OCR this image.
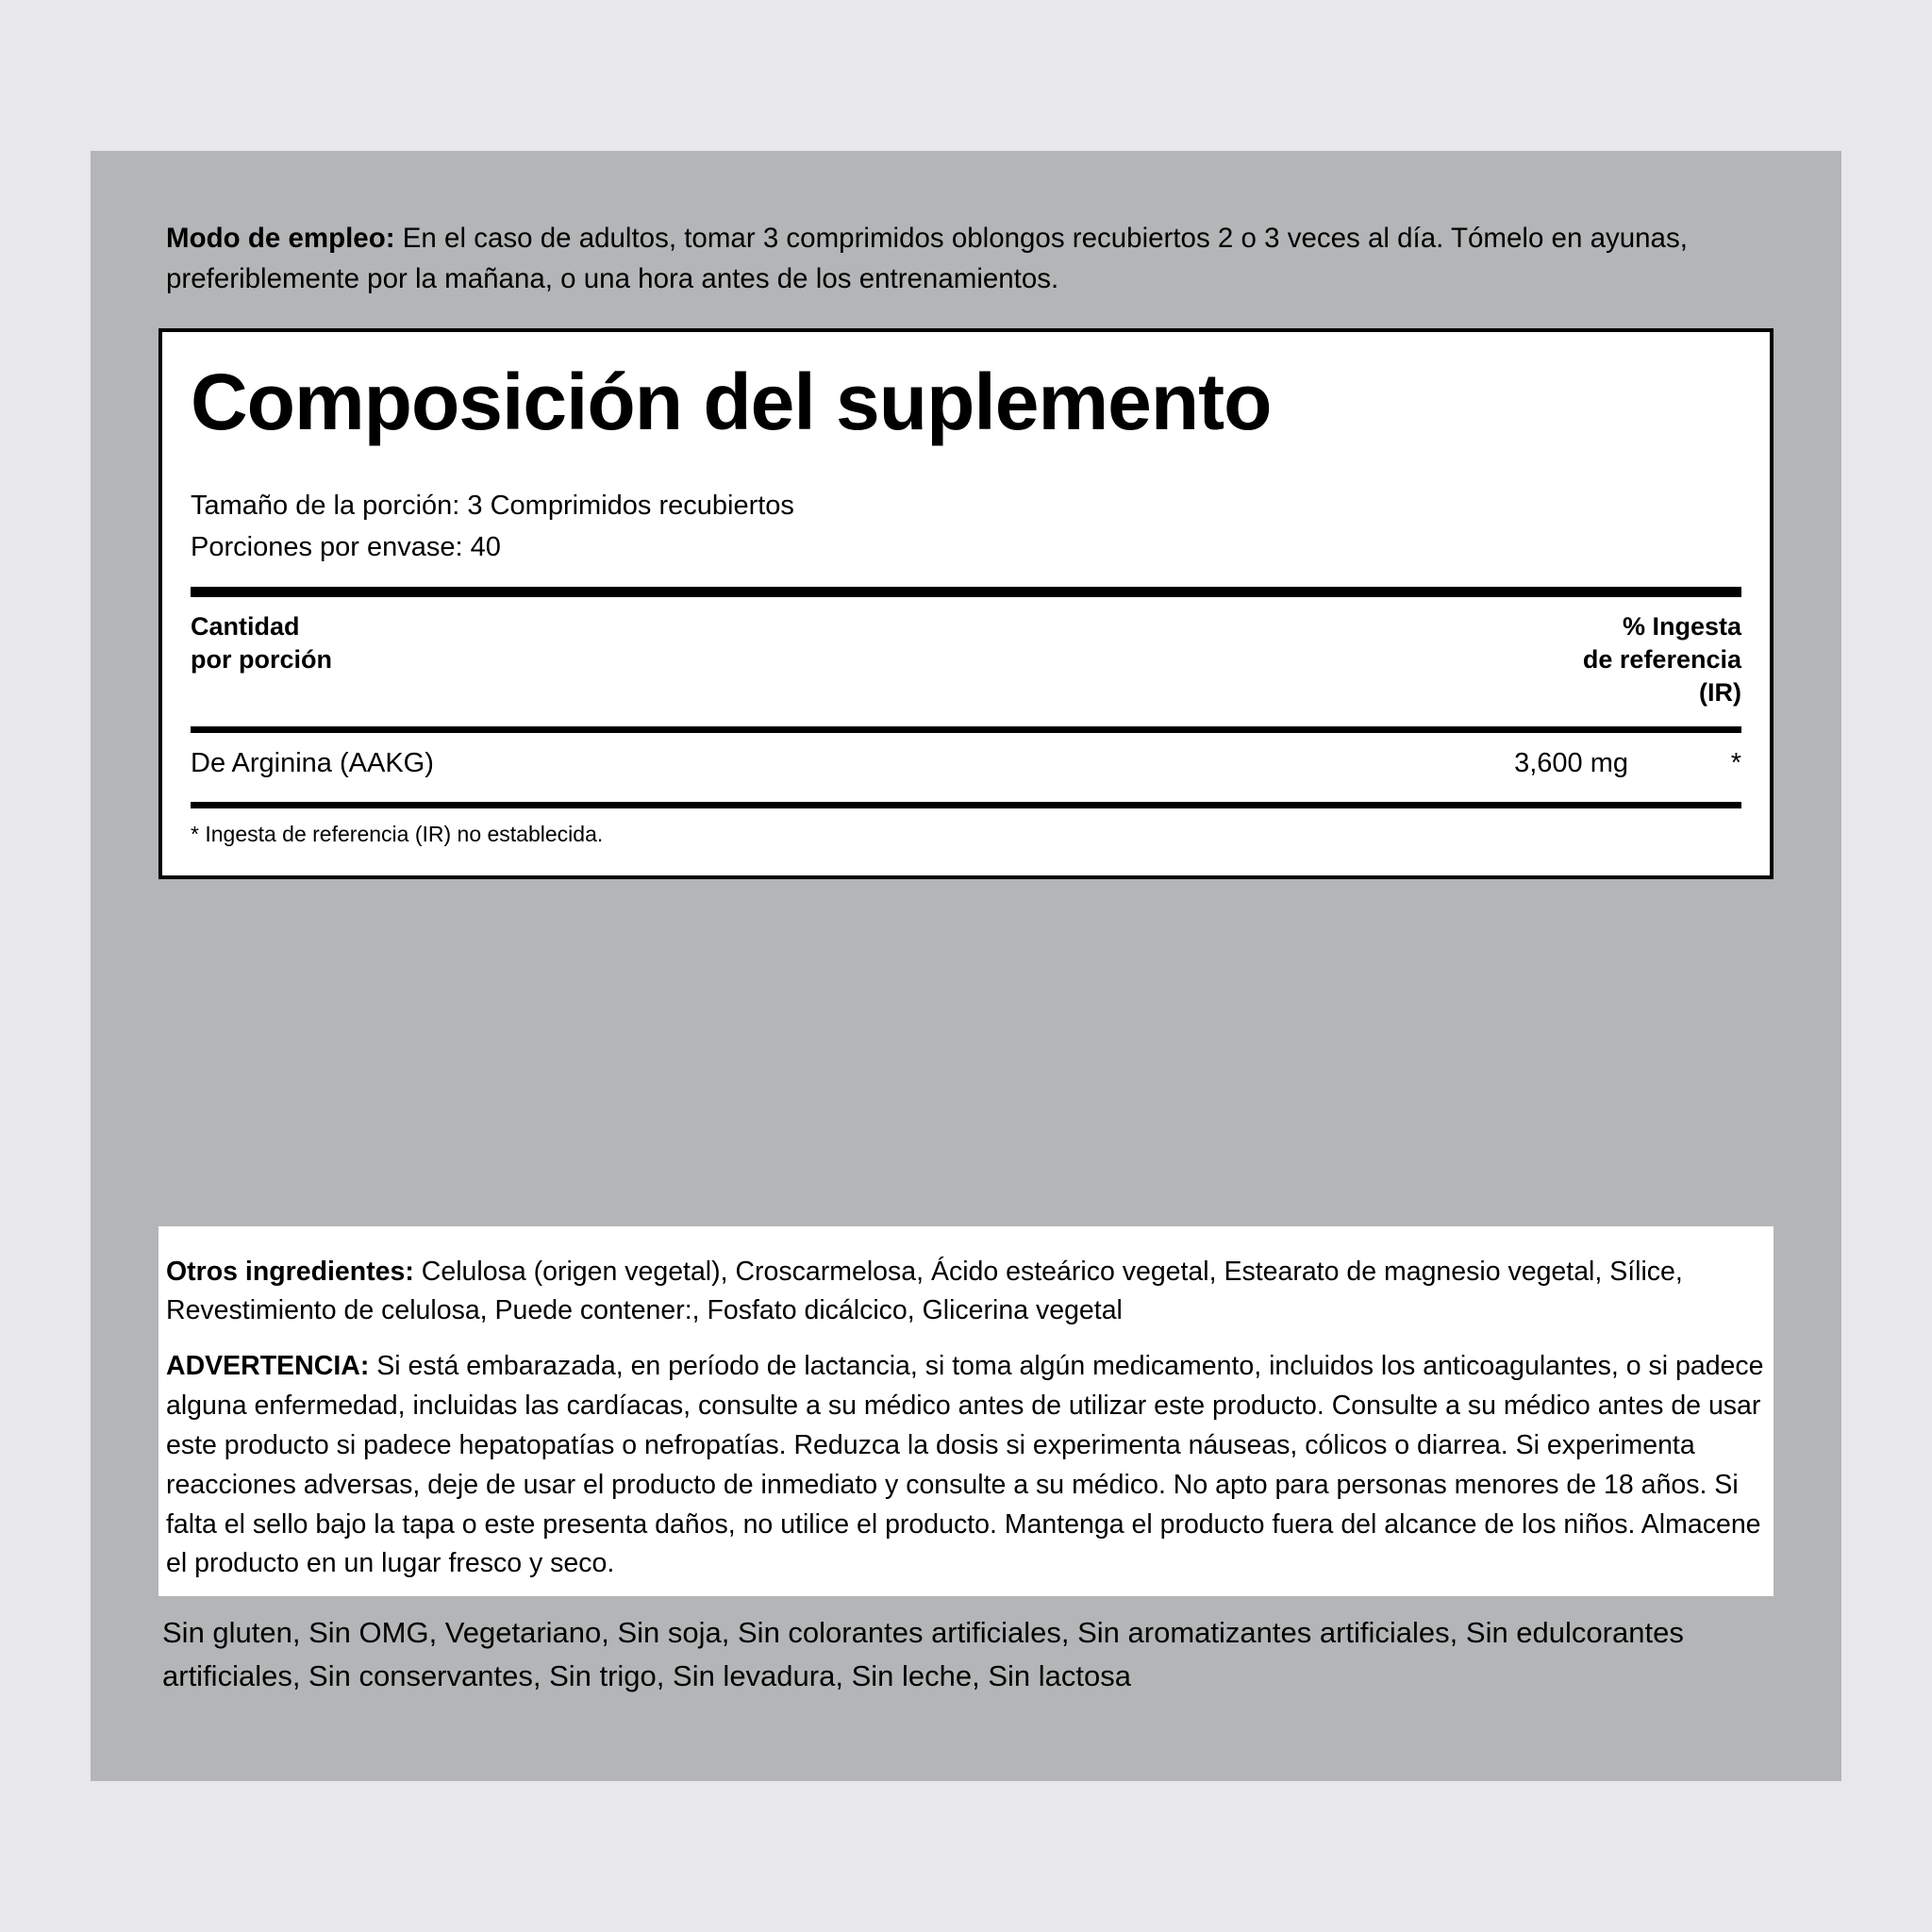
Modo de empleo: En el caso de adultos, tomar 3 comprimidos oblongos recubiertos 2 o 3 veces al día. Tómelo en ayunas, preferiblemente por la mañana, o una hora antes de los entrenamientos.
Composición del suplemento
Tamaño de la porción: 3 Comprimidos recubiertos
Porciones por envase: 40
Cantidad
por porción
% Ingesta
de referencia
(IR)
De Arginina (AAKG)	3,600 mg	*
* Ingesta de referencia (IR) no establecida.
Otros ingredientes: Celulosa (origen vegetal), Croscarmelosa, Ácido esteárico vegetal, Estearato de magnesio vegetal, Sílice, Revestimiento de celulosa, Puede contener:, Fosfato dicálcico, Glicerina vegetal
ADVERTENCIA: Si está embarazada, en período de lactancia, si toma algún medicamento, incluidos los anticoagulantes, o si padece alguna enfermedad, incluidas las cardíacas, consulte a su médico antes de utilizar este producto. Consulte a su médico antes de usar este producto si padece hepatopatías o nefropatías. Reduzca la dosis si experimenta náuseas, cólicos o diarrea. Si experimenta reacciones adversas, deje de usar el producto de inmediato y consulte a su médico. No apto para personas menores de 18 años. Si falta el sello bajo la tapa o este presenta daños, no utilice el producto. Mantenga el producto fuera del alcance de los niños. Almacene el producto en un lugar fresco y seco.
Sin gluten, Sin OMG, Vegetariano, Sin soja, Sin colorantes artificiales, Sin aromatizantes artificiales, Sin edulcorantes artificiales, Sin conservantes, Sin trigo, Sin levadura, Sin leche, Sin lactosa
